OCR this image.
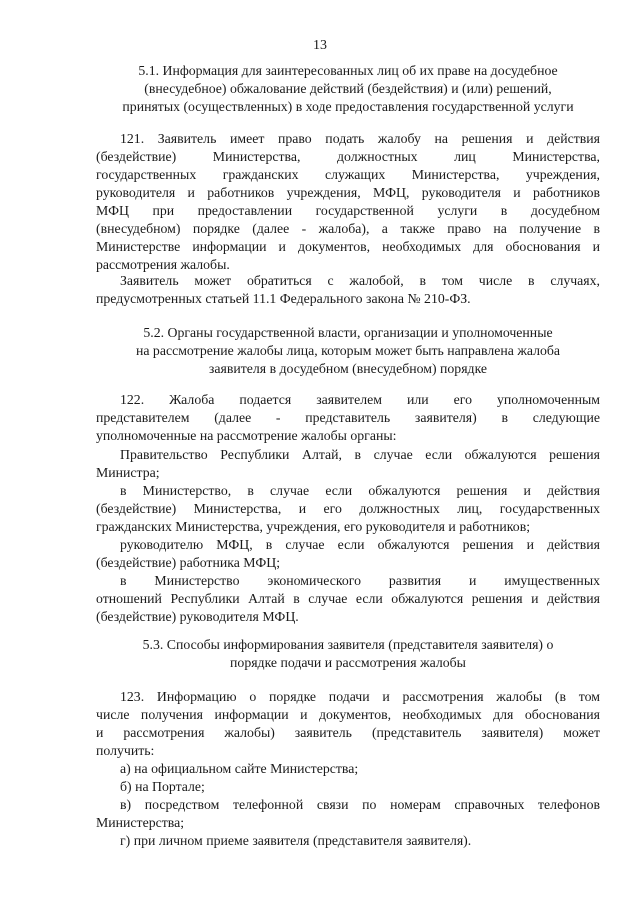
13
5.1. Информация для заинтересованных лиц об их праве на досудебное
(внесудебное) обжалование действий (бездействия) и (или) решений,
принятых (осуществленных) в ходе предоставления государственной услуги
121. Заявитель имеет право подать жалобу на решения и действия
(бездействие) Министерства, должностных лиц Министерства,
государственных гражданских служащих Министерства, учреждения,
руководителя и работников учреждения, МФЦ, руководителя и работников
МФЦ при предоставлении государственной услуги в досудебном
(внесудебном) порядке (далее - жалоба), а также право на получение в
Министерстве информации и документов, необходимых для обоснования и
рассмотрения жалобы.
Заявитель может обратиться с жалобой, в том числе в случаях,
предусмотренных статьей 11.1 Федерального закона № 210-ФЗ.
5.2. Органы государственной власти, организации и уполномоченные
на рассмотрение жалобы лица, которым может быть направлена жалоба
заявителя в досудебном (внесудебном) порядке
122. Жалоба подается заявителем или его уполномоченным
представителем (далее - представитель заявителя) в следующие
уполномоченные на рассмотрение жалобы органы:
Правительство Республики Алтай, в случае если обжалуются решения
Министра;
в Министерство, в случае если обжалуются решения и действия
(бездействие) Министерства, и его должностных лиц, государственных
гражданских Министерства, учреждения, его руководителя и работников;
руководителю МФЦ, в случае если обжалуются решения и действия
(бездействие) работника МФЦ;
в Министерство экономического развития и имущественных
отношений Республики Алтай в случае если обжалуются решения и действия
(бездействие) руководителя МФЦ.
5.3. Способы информирования заявителя (представителя заявителя) о
порядке подачи и рассмотрения жалобы
123. Информацию о порядке подачи и рассмотрения жалобы (в том
числе получения информации и документов, необходимых для обоснования
и рассмотрения жалобы) заявитель (представитель заявителя) может
получить:
а) на официальном сайте Министерства;
б) на Портале;
в) посредством телефонной связи по номерам справочных телефонов
Министерства;
г) при личном приеме заявителя (представителя заявителя).
